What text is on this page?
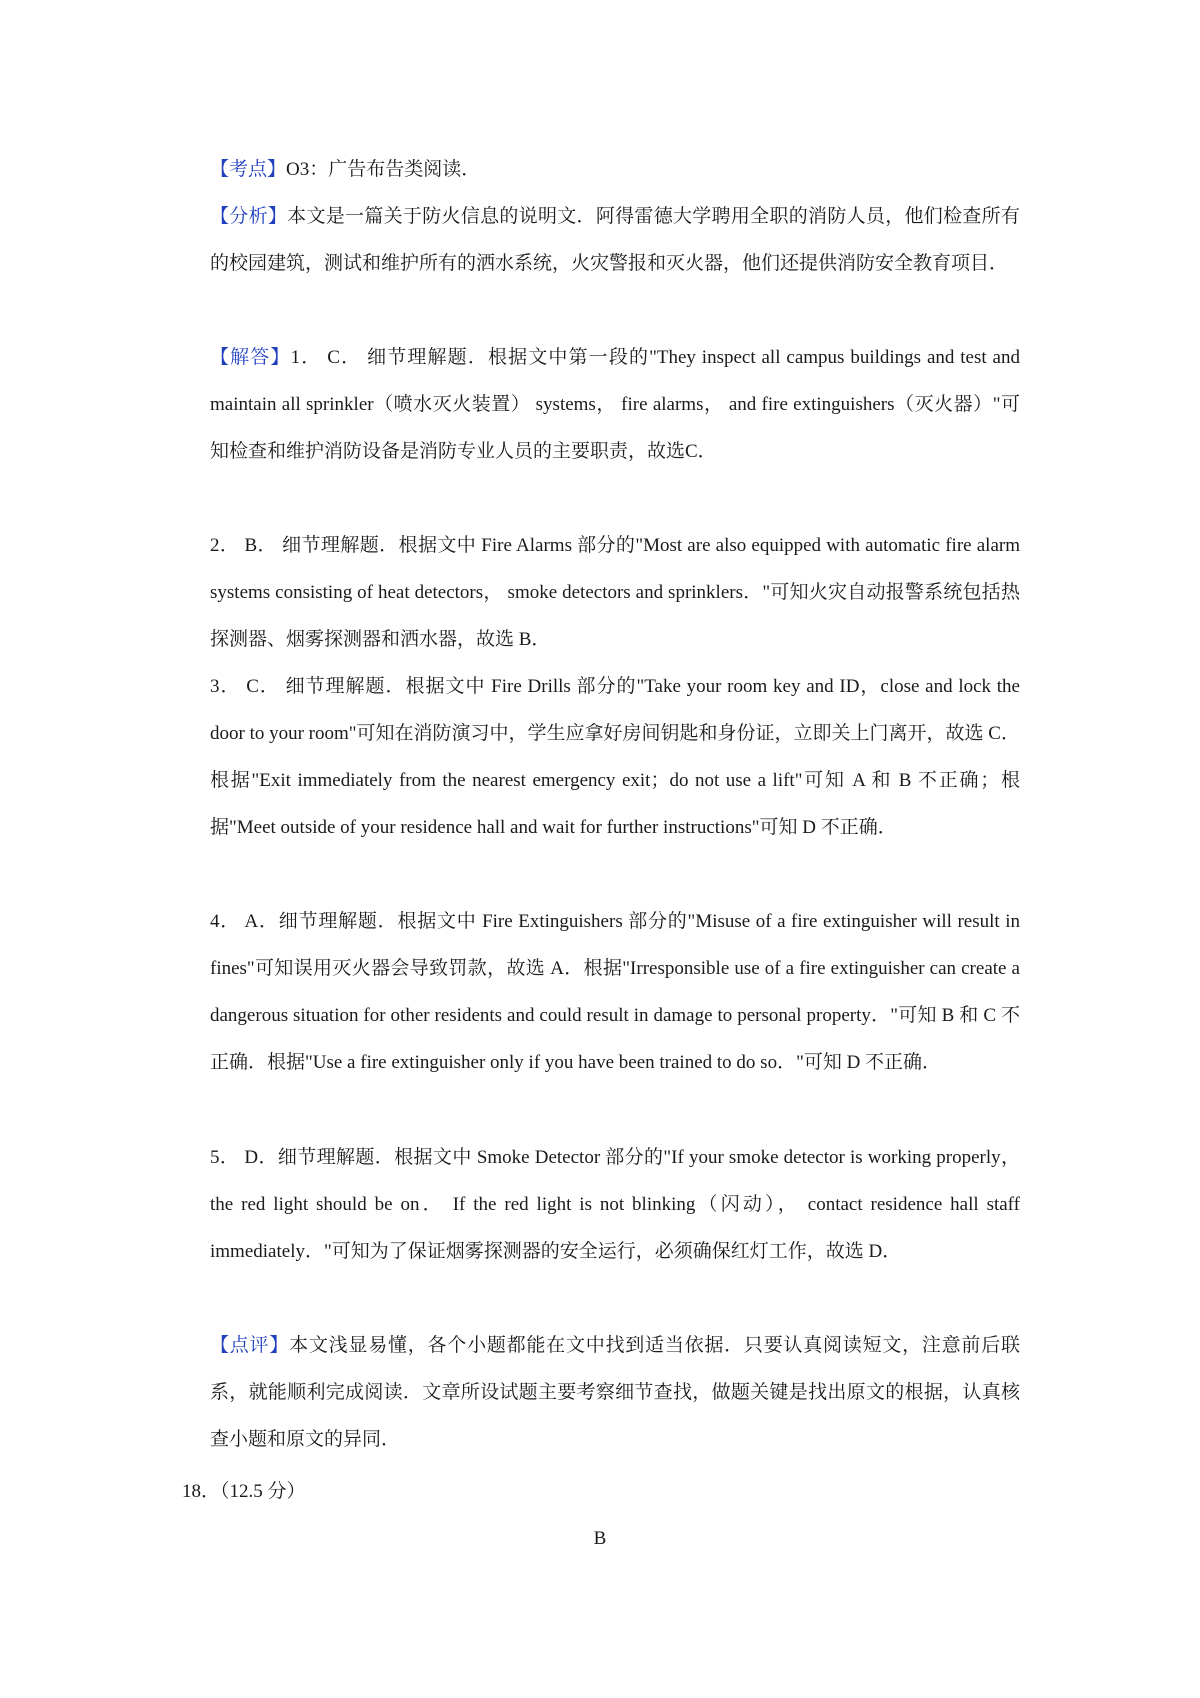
【考点】O3：广告布告类阅读．

【分析】本文是一篇关于防火信息的说明文．阿得雷德大学聘用全职的消防人员，他们检查所有的校园建筑，测试和维护所有的洒水系统，火灾警报和灭火器，他们还提供消防安全教育项目．

【解答】1． C． 细节理解题．根据文中第一段的"They inspect all campus buildings and test and maintain all sprinkler（喷水灭火装置） systems， fire alarms， and fire extinguishers（灭火器）"可知检查和维护消防设备是消防专业人员的主要职责，故选C．

2． B． 细节理解题．根据文中 Fire Alarms 部分的"Most are also equipped with automatic fire alarm systems consisting of heat detectors， smoke detectors and sprinklers．"可知火灾自动报警系统包括热探测器、烟雾探测器和洒水器，故选 B．

3． C． 细节理解题．根据文中 Fire Drills 部分的"Take your room key and ID，close and lock the door to your room"可知在消防演习中，学生应拿好房间钥匙和身份证，立即关上门离开，故选 C．根据"Exit immediately from the nearest emergency exit；do not use a lift"可知 A 和 B 不正确；根据"Meet outside of your residence hall and wait for further instructions"可知 D 不正确．

4． A．细节理解题．根据文中 Fire Extinguishers 部分的"Misuse of a fire extinguisher will result in fines"可知误用灭火器会导致罚款，故选 A．根据"Irresponsible use of a fire extinguisher can create a dangerous situation for other residents and could result in damage to personal property．"可知 B 和 C 不正确．根据"Use a fire extinguisher only if you have been trained to do so．"可知 D 不正确．

5． D．细节理解题．根据文中 Smoke Detector 部分的"If your smoke detector is working properly， the red light should be on． If the red light is not blinking（闪动）， contact residence hall staff immediately．"可知为了保证烟雾探测器的安全运行，必须确保红灯工作，故选 D．

【点评】本文浅显易懂，各个小题都能在文中找到适当依据．只要认真阅读短文，注意前后联系，就能顺利完成阅读．文章所设试题主要考察细节查找，做题关键是找出原文的根据，认真核查小题和原文的异同．

18．（12.5 分）
B
